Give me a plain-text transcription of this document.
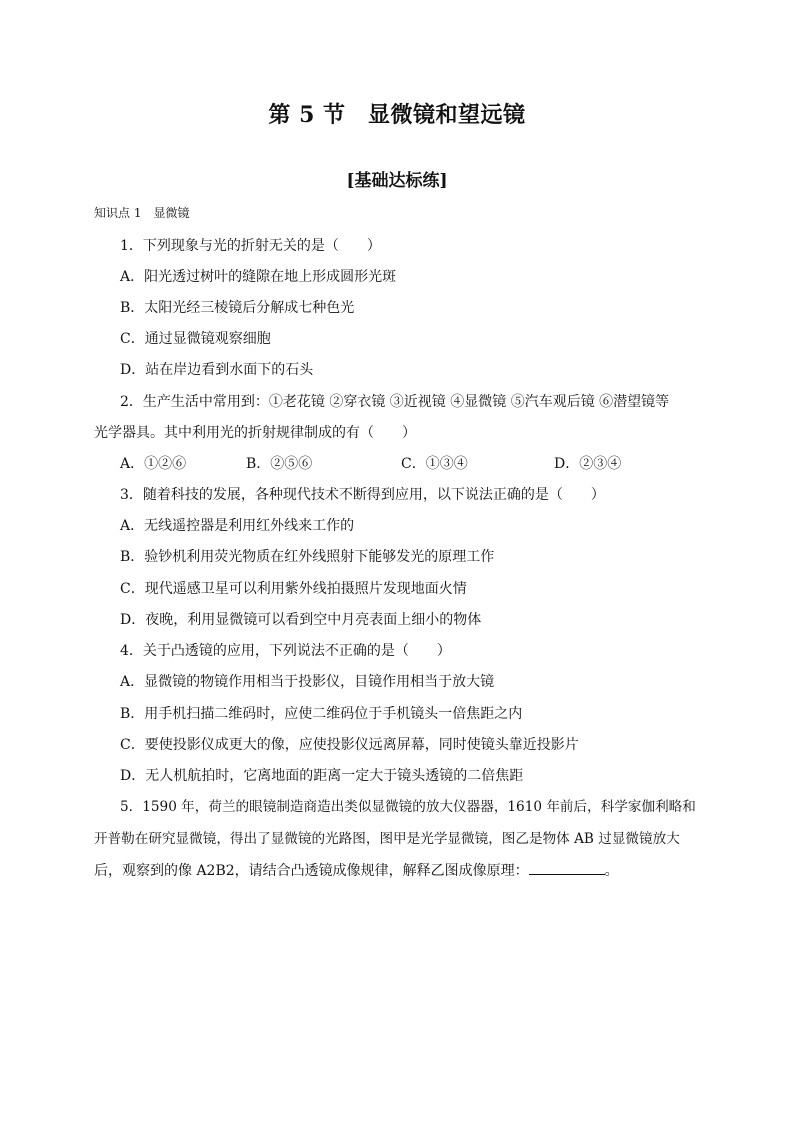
第 5 节　显微镜和望远镜
[基础达标练]
知识点 1　显微镜
1．下列现象与光的折射无关的是（　　）
A．阳光透过树叶的缝隙在地上形成圆形光斑
B．太阳光经三棱镜后分解成七种色光
C．通过显微镜观察细胞
D．站在岸边看到水面下的石头
2．生产生活中常用到：①老花镜 ②穿衣镜 ③近视镜 ④显微镜 ⑤汽车观后镜 ⑥潜望镜等
光学器具。其中利用光的折射规律制成的有（　　）
A．①②⑥	B．②⑤⑥	C．①③④	D．②③④
3．随着科技的发展，各种现代技术不断得到应用，以下说法正确的是（　　）
A．无线遥控器是利用红外线来工作的
B．验钞机利用荧光物质在红外线照射下能够发光的原理工作
C．现代遥感卫星可以利用紫外线拍摄照片发现地面火情
D．夜晚，利用显微镜可以看到空中月亮表面上细小的物体
4．关于凸透镜的应用，下列说法不正确的是（　　）
A．显微镜的物镜作用相当于投影仪，目镜作用相当于放大镜
B．用手机扫描二维码时，应使二维码位于手机镜头一倍焦距之内
C．要使投影仪成更大的像，应使投影仪远离屏幕，同时使镜头靠近投影片
D．无人机航拍时，它离地面的距离一定大于镜头透镜的二倍焦距
5．1590 年，荷兰的眼镜制造商造出类似显微镜的放大仪器器，1610 年前后，科学家伽利略和
开普勒在研究显微镜，得出了显微镜的光路图，图甲是光学显微镜，图乙是物体 AB 过显微镜放大
后，观察到的像 A2B2，请结合凸透镜成像规律，解释乙图成像原理：	。
